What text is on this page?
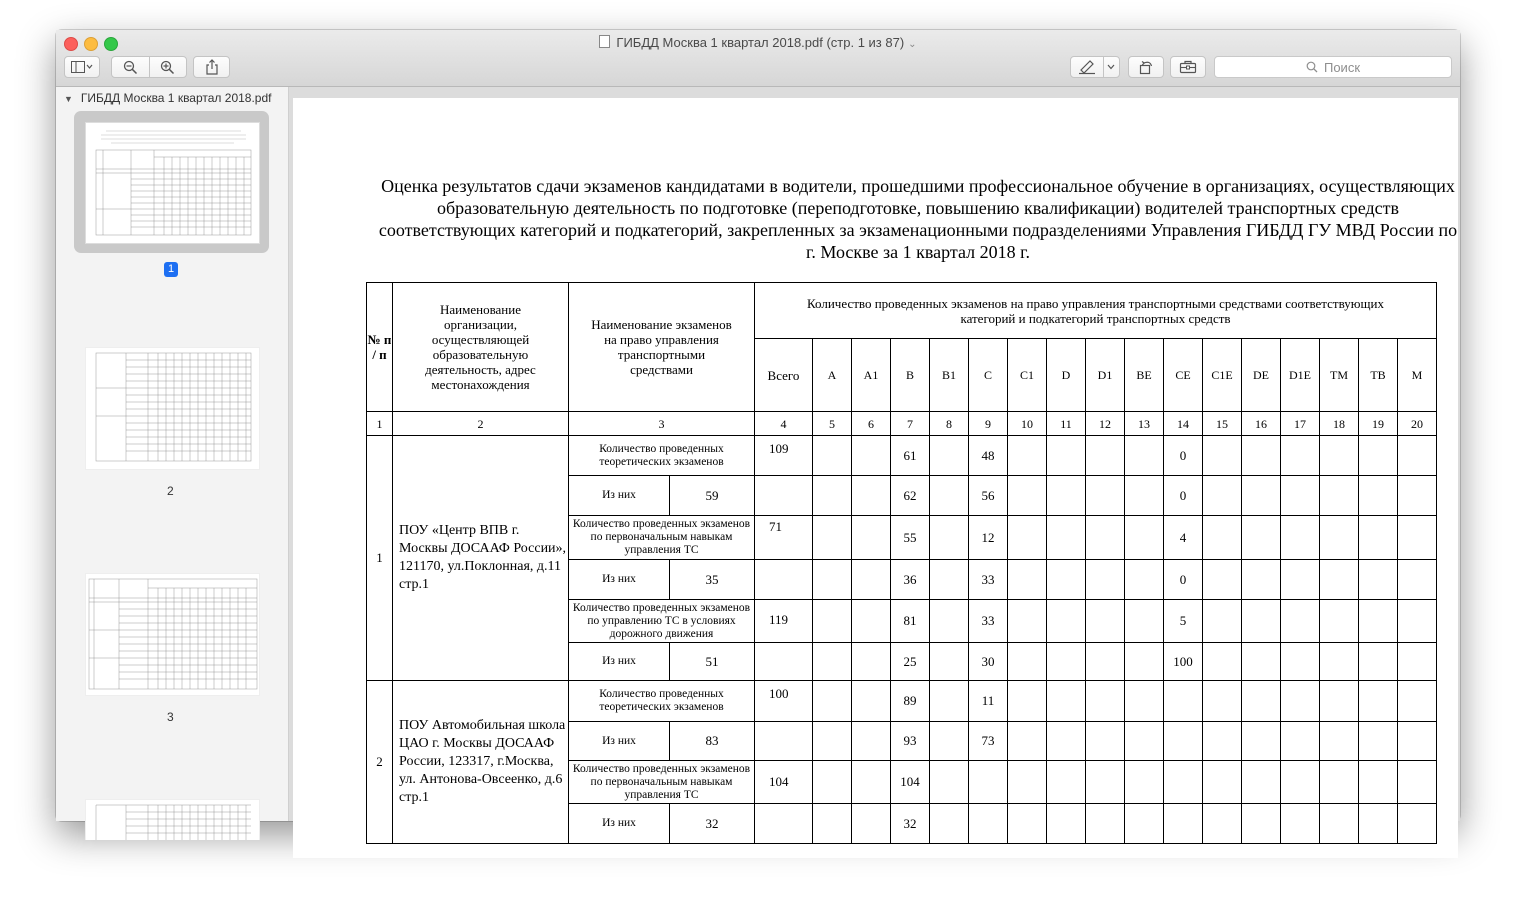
ГИБДД Москва 1 квартал 2018.pdf (стр. 1 из 87) ⌄
Поиск
▼ ГИБДД Москва 1 квартал 2018.pdf
1
2
3
Оценка результатов сдачи экзаменов кандидатами в водители, прошедшими профессиональное обучение в организациях, осуществляющих образовательную деятельность по подготовке (переподготовке, повышению квалификации) водителей транспортных средств соответствующих категорий и подкатегорий, закрепленных за экзаменационными подразделениями Управления ГИБДД ГУ МВД России по г. Москве за 1 квартал 2018 г.
№ п / п	Наименование организации, осуществляющей образовательную деятельность, адрес местонахождения	Наименование экзаменов на право управления транспортными средствами		Количество проведенных экзаменов на право управления транспортными средствами соответствующих категорий и подкатегорий транспортных средств																
				Всего	A	A1	B	B1	C	C1	D	D1	BE	CE	C1E	DE	D1E	TM	TB	M
1	2	3		4	5	6	7	8	9	10	11	12	13	14	15	16	17	18	19	20
1	ПОУ «Центр ВПВ г. Москвы ДОСААФ России», 121170, ул.Поклонная, д.11 стр.1	Количество проведенных теоретических экзаменов		109			61		48					0						
		Из них	59				62		56					0						
		Количество проведенных экзаменов по первоначальным навыкам управления ТС		71			55		12					4						
		Из них	35				36		33					0						
		Количество проведенных экзаменов по управлению ТС в условиях дорожного движения		119			81		33					5						
		Из них	51				25		30					100						
2	ПОУ Автомобильная школа ЦАО г. Москвы ДОСААФ России, 123317, г.Москва, ул. Антонова-Овсеенко, д.6 стр.1	Количество проведенных теоретических экзаменов		100			89		11											
		Из них	83				93		73											
		Количество проведенных экзаменов по первоначальным навыкам управления ТС		104			104													
		Из них	32				32													
